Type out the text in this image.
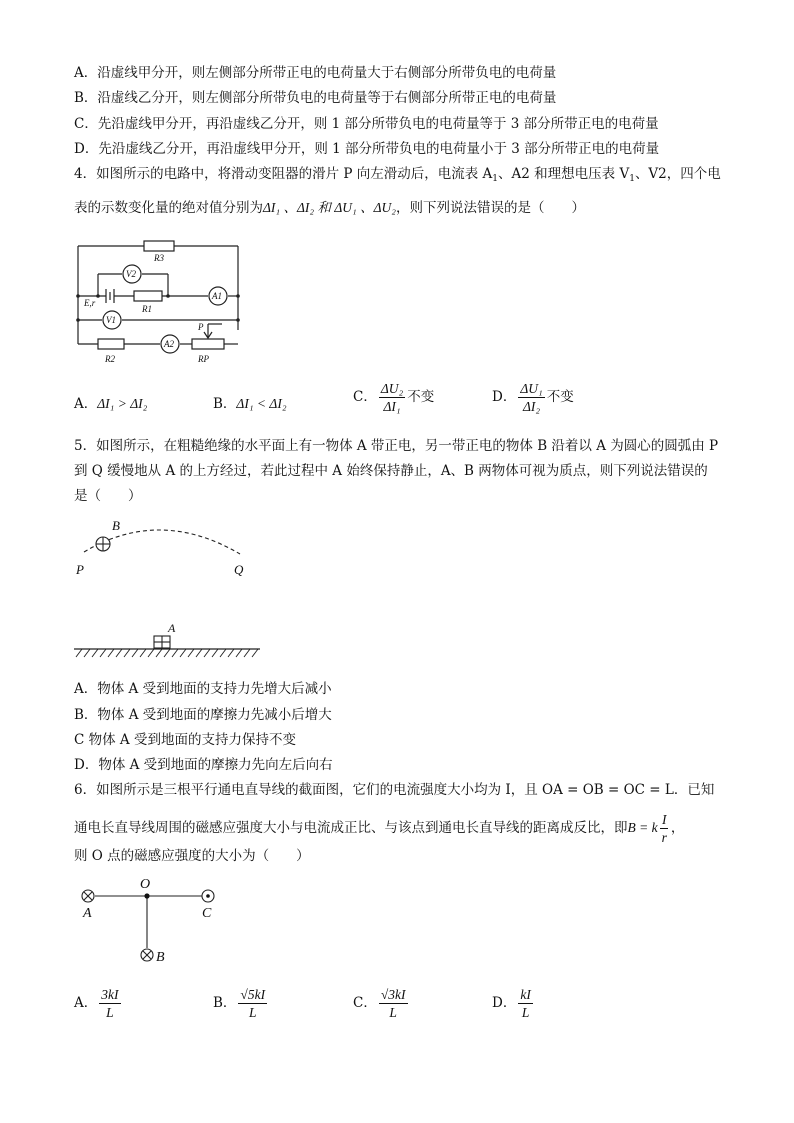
A．沿虚线甲分开，则左侧部分所带正电的电荷量大于右侧部分所带负电的电荷量
B．沿虚线乙分开，则左侧部分所带负电的电荷量等于右侧部分所带正电的电荷量
C．先沿虚线甲分开，再沿虚线乙分开，则 1 部分所带负电的电荷量等于 3 部分所带正电的电荷量
D．先沿虚线乙分开，再沿虚线甲分开，则 1 部分所带负电的电荷量小于 3 部分所带正电的电荷量
4．如图所示的电路中，将滑动变阻器的滑片 P 向左滑动后，电流表 $A_1$、A2 和理想电压表 $V_1$、V2，四个电
表的示数变化量的绝对值分别为ΔI₁ 、ΔI₂ 和 ΔU₁ 、ΔU₂，则下列说法错误的是（　　）
R3
V2
E,r
R1
A1
V1
A2
R2
P
RP
A．ΔI₁ > ΔI₂	B．ΔI₁ < ΔI₂	C． $\frac{\text{ΔU₂}}{\text{ΔI₁}}$ 不变	D． $\frac{\text{ΔU₁}}{\text{ΔI₂}}$ 不变
5．如图所示，在粗糙绝缘的水平面上有一物体 A 带正电，另一带正电的物体 B 沿着以 A 为圆心的圆弧由 P
到 Q 缓慢地从 A 的上方经过，若此过程中 A 始终保持静止，A、B 两物体可视为质点，则下列说法错误的
是（　　）
B
P	Q
A
A．物体 A 受到地面的支持力先增大后减小
B．物体 A 受到地面的摩擦力先减小后增大
C 物体 A 受到地面的支持力保持不变
D．物体 A 受到地面的摩擦力先向左后向右
6．如图所示是三根平行通电直导线的截面图，它们的电流强度大小均为 I，且 OA = OB = OC = L．已知
通电长直导线周围的磁感应强度大小与电流成正比、与该点到通电长直导线的距离成反比，即B = k $\frac{I}{r}$ ，
则 O 点的磁感应强度的大小为（　　）
O
A	C
B
A． $\frac{3kI}{L}$	B． $\frac{√5kI}{L}$	C． $\frac{√3kI}{L}$	D． $\frac{kI}{L}$
